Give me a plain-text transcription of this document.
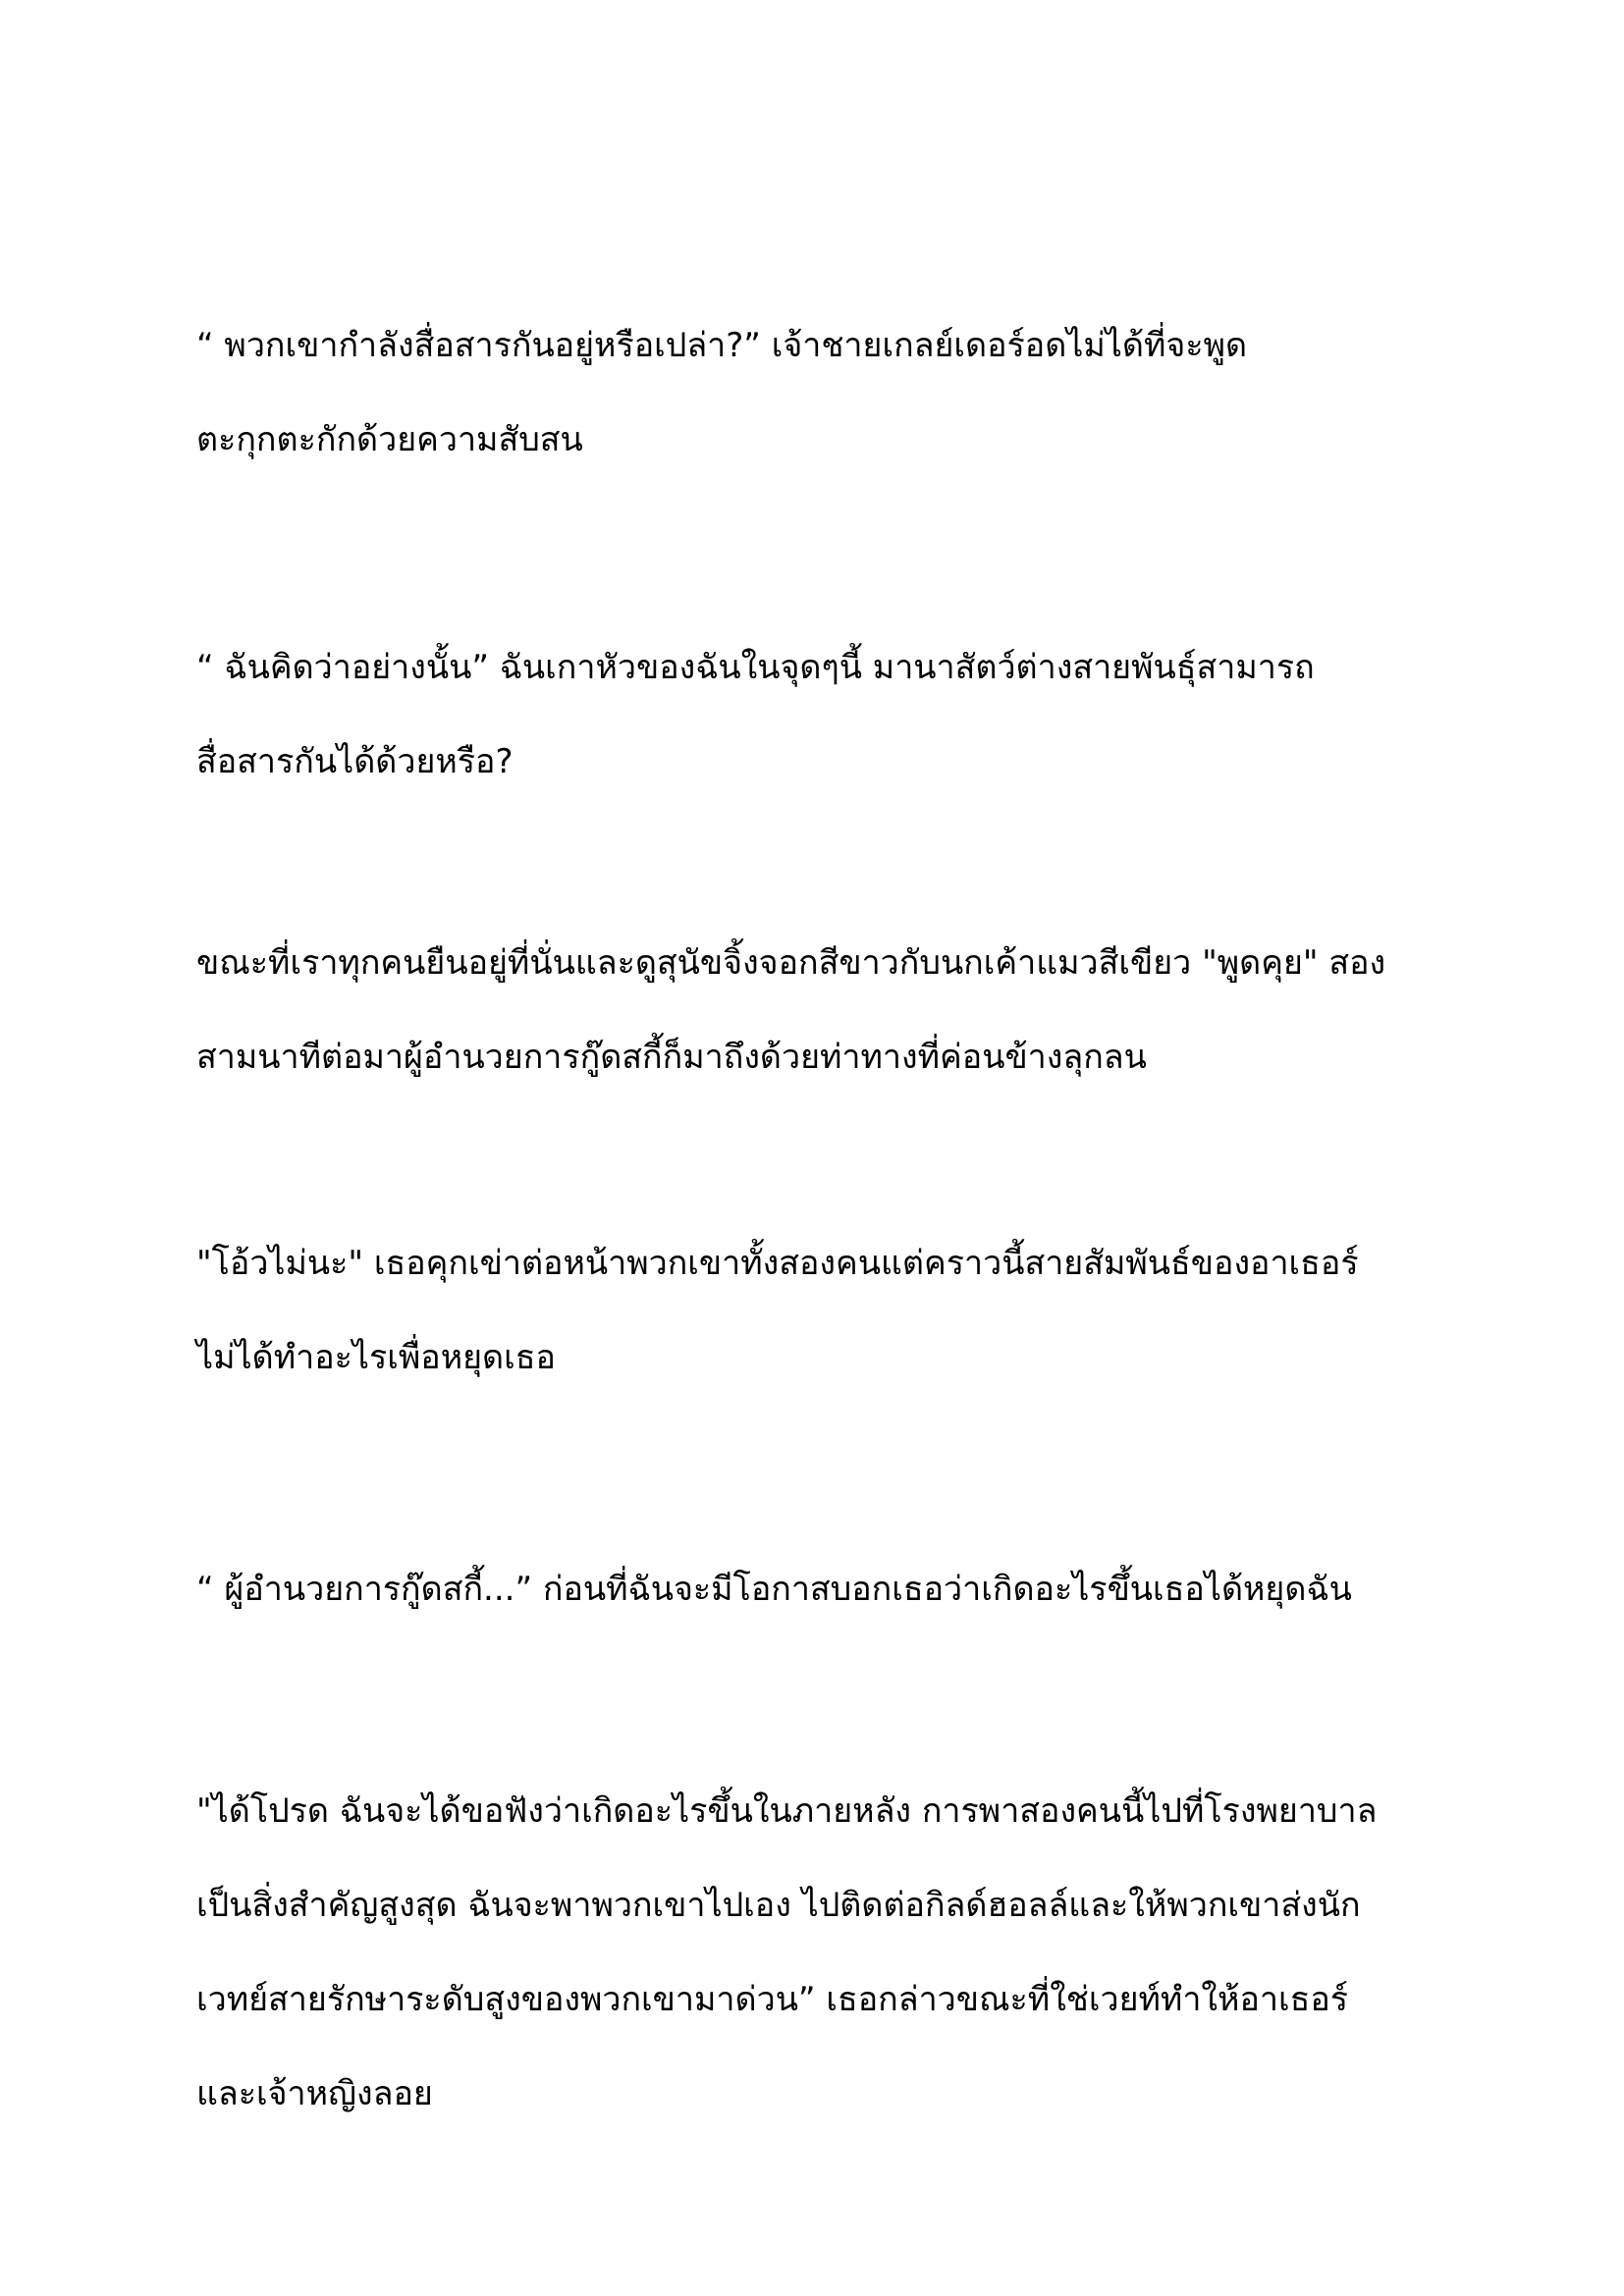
“ พวกเขากำลังสื่อสารกันอยู่หรือเปล่า?” เจ้าชายเกลย์เดอร์อดไม่ได้ที่จะพูด
ตะกุกตะกักด้วยความสับสน
“ ฉันคิดว่าอย่างนั้น” ฉันเกาหัวของฉันในจุดๆนี้ มานาสัตว์ต่างสายพันธุ์สามารถ
สื่อสารกันได้ด้วยหรือ?
ขณะที่เราทุกคนยืนอยู่ที่นั่นและดูสุนัขจิ้งจอกสีขาวกับนกเค้าแมวสีเขียว "พูดคุย" สอง
สามนาทีต่อมาผู้อำนวยการกู๊ดสกี้ก็มาถึงด้วยท่าทางที่ค่อนข้างลุกลน
"โอ้วไม่นะ" เธอคุกเข่าต่อหน้าพวกเขาทั้งสองคนแต่คราวนี้สายสัมพันธ์ของอาเธอร์
ไม่ได้ทำอะไรเพื่อหยุดเธอ
“ ผู้อำนวยการกู๊ดสกี้...” ก่อนที่ฉันจะมีโอกาสบอกเธอว่าเกิดอะไรขึ้นเธอได้หยุดฉัน
"ได้โปรด ฉันจะได้ขอฟังว่าเกิดอะไรขึ้นในภายหลัง การพาสองคนนี้ไปที่โรงพยาบาล
เป็นสิ่งสำคัญสูงสุด ฉันจะพาพวกเขาไปเอง ไปติดต่อกิลด์ฮอลล์และให้พวกเขาส่งนัก
เวทย์สายรักษาระดับสูงของพวกเขามาด่วน” เธอกล่าวขณะที่ใช่เวยท์ทำให้อาเธอร์
และเจ้าหญิงลอย
